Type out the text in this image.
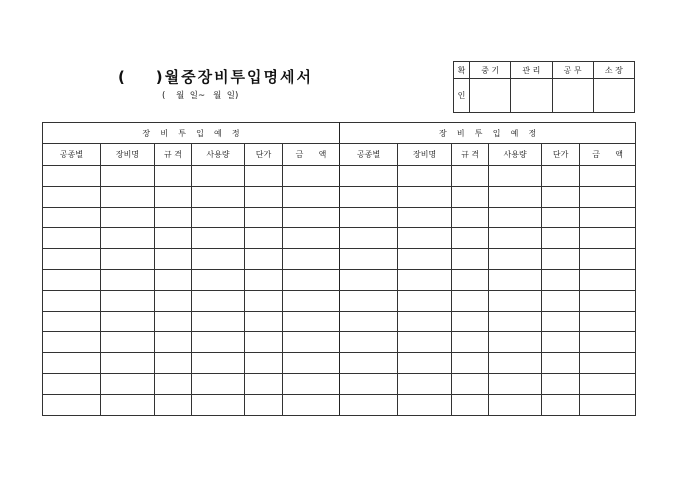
(    )월중장비투입명세서
(    월  일~   월  일)
확	중 기	관 리	공 무	소 장
인				
장    비    투    입    예    정						장    비    투    입    예    정					
공종별	장비명	규 격	사용량	단가	금      액	공종별	장비명	규 격	사용량	단가	금      액
